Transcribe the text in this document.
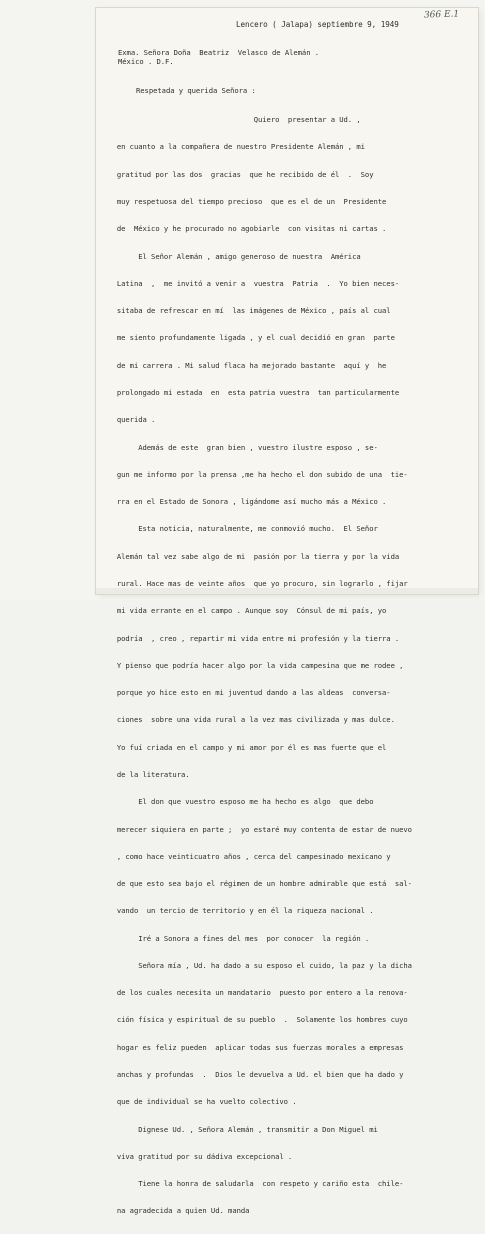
366 E.1
Lencero ( Jalapa) septiembre 9, 1949
Exma. Señora Doña  Beatriz  Velasco de Alemán .
México . D.F.
Respetada y querida Señora :

Quiero  presentar a Ud. ,

en cuanto a la compañera de nuestro Presidente Alemán , mi

gratitud por las dos  gracias  que he recibido de él  .  Soy

muy respetuosa del tiempo precioso  que es el de un  Presidente

de  México y he procurado no agobiarle  con visitas ni cartas .

El Señor Alemán , amigo generoso de nuestra  América

Latina  ,  me invitó a venir a  vuestra  Patria  .  Yo bien neces-

sitaba de refrescar en mí  las imágenes de México , país al cual

me siento profundamente ligada , y el cual decidió en gran  parte

de mi carrera . Mi salud flaca ha mejorado bastante  aquí y  he

prolongado mi estada  en  esta patria vuestra  tan particularmente

querida .

Además de este  gran bien , vuestro ilustre esposo , se-

gun me informo por la prensa ,me ha hecho el don subido de una  tie-

rra en el Estado de Sonora , ligándome así mucho más a México .

Esta noticia, naturalmente, me conmovió mucho.  El Señor

Alemán tal vez sabe algo de mi  pasión por la tierra y por la vida

rural. Hace mas de veinte años  que yo procuro, sin lograrlo , fijar

mi vida errante en el campo . Aunque soy  Cónsul de mi país, yo

podría  , creo , repartir mi vida entre mi profesión y la tierra .

Y pienso que podría hacer algo por la vida campesina que me rodee ,

porque yo hice esto en mi juventud dando a las aldeas  conversa-

ciones  sobre una vida rural a la vez mas civilizada y mas dulce.

Yo fuí criada en el campo y mi amor por él es mas fuerte que el

de la literatura.

El don que vuestro esposo me ha hecho es algo  que debo

merecer siquiera en parte ;  yo estaré muy contenta de estar de nuevo

, como hace veinticuatro años , cerca del campesinado mexicano y

de que esto sea bajo el régimen de un hombre admirable que está  sal-

vando  un tercio de territorio y en él la riqueza nacional .

Iré a Sonora a fines del mes  por conocer  la región .

Señora mía , Ud. ha dado a su esposo el cuido, la paz y la dicha

de los cuales necesita un mandatario  puesto por entero a la renova-

ción física y espiritual de su pueblo  .  Solamente los hombres cuyo

hogar es feliz pueden  aplicar todas sus fuerzas morales a empresas

anchas y profundas  .  Dios le devuelva a Ud. el bien que ha dado y

que de individual se ha vuelto colectivo .

Dignese Ud. , Señora Alemán , transmitir a Don Miguel mi

viva gratitud por su dádiva excepcional .

Tiene la honra de saludarla  con respeto y cariño esta  chile-

na agradecida a quien Ud. manda
